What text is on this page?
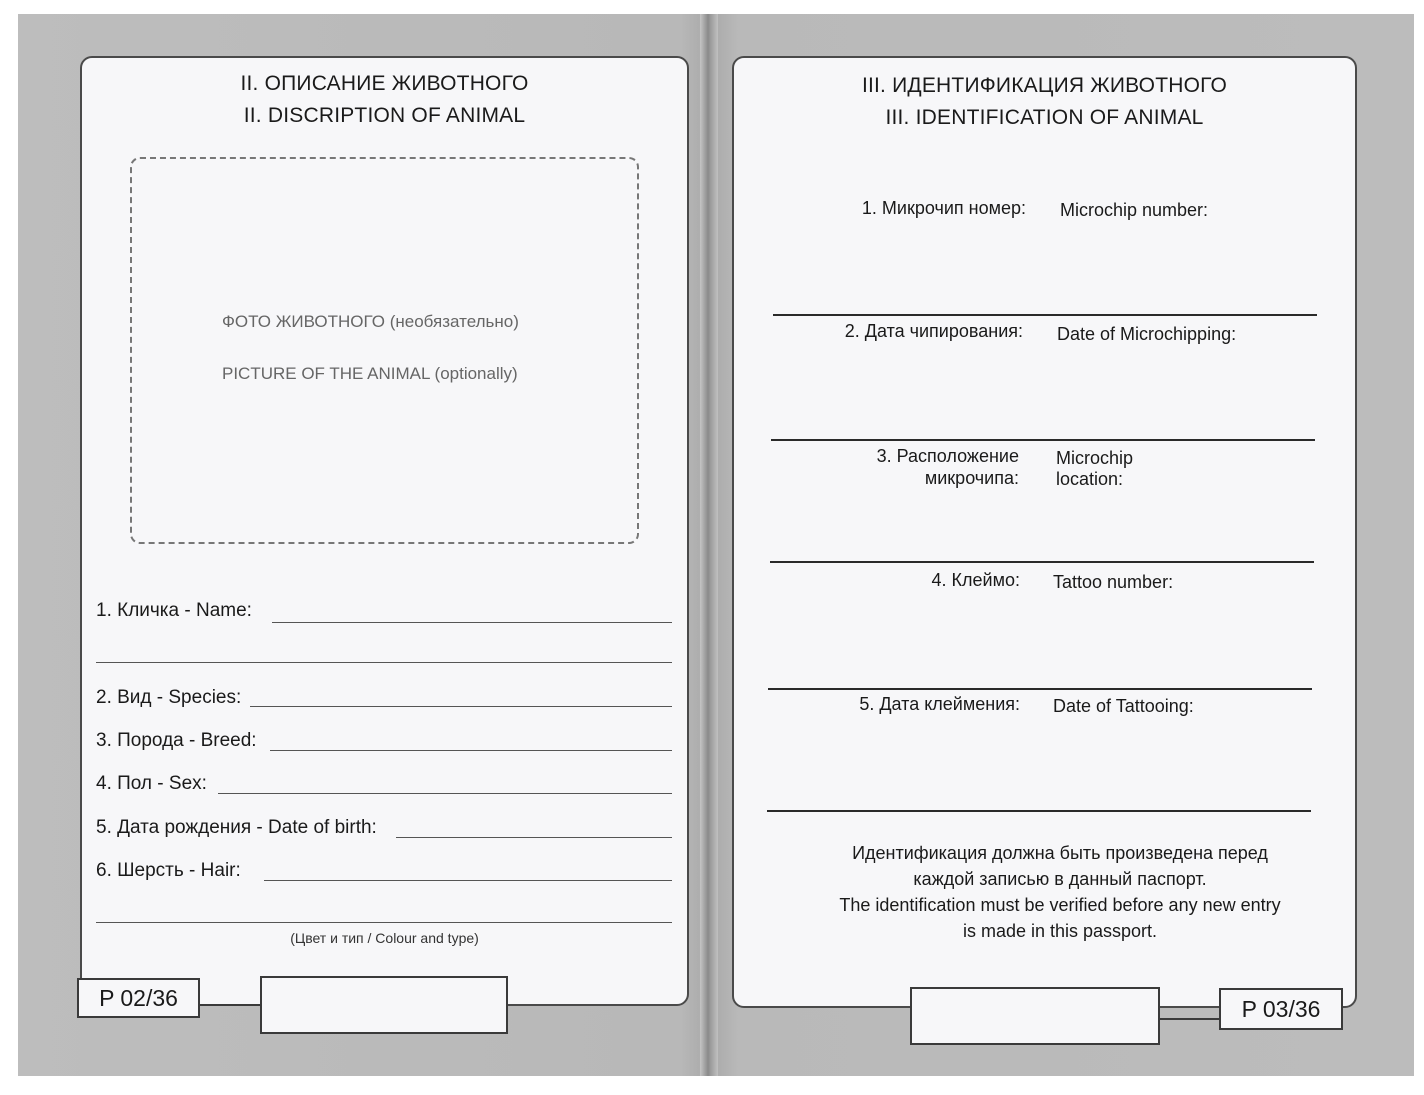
II. ОПИСАНИЕ ЖИВОТНОГО
II. DISCRIPTION OF ANIMAL
ФОТО ЖИВОТНОГО (необязательно)
PICTURE OF THE ANIMAL (optionally)
1. Кличка - Name:
2. Вид - Species:
3. Порода - Breed:
4. Пол - Sex:
5. Дата рождения - Date of birth:
6. Шерсть - Hair:
(Цвет и тип / Colour and type)
P 02/36
III. ИДЕНТИФИКАЦИЯ ЖИВОТНОГО
III. IDENTIFICATION OF ANIMAL
1. Микрочип номер: Microchip number:
2. Дата чипирования: Date of Microchipping:
3. Расположение
микрочипа:
Microchip
location:
4. Клеймо: Tattoo number:
5. Дата клеймения: Date of Tattooing:
Идентификация должна быть произведена перед
каждой записью в данный паспорт.
The identification must be verified before any new entry
is made in this passport.
P 03/36
